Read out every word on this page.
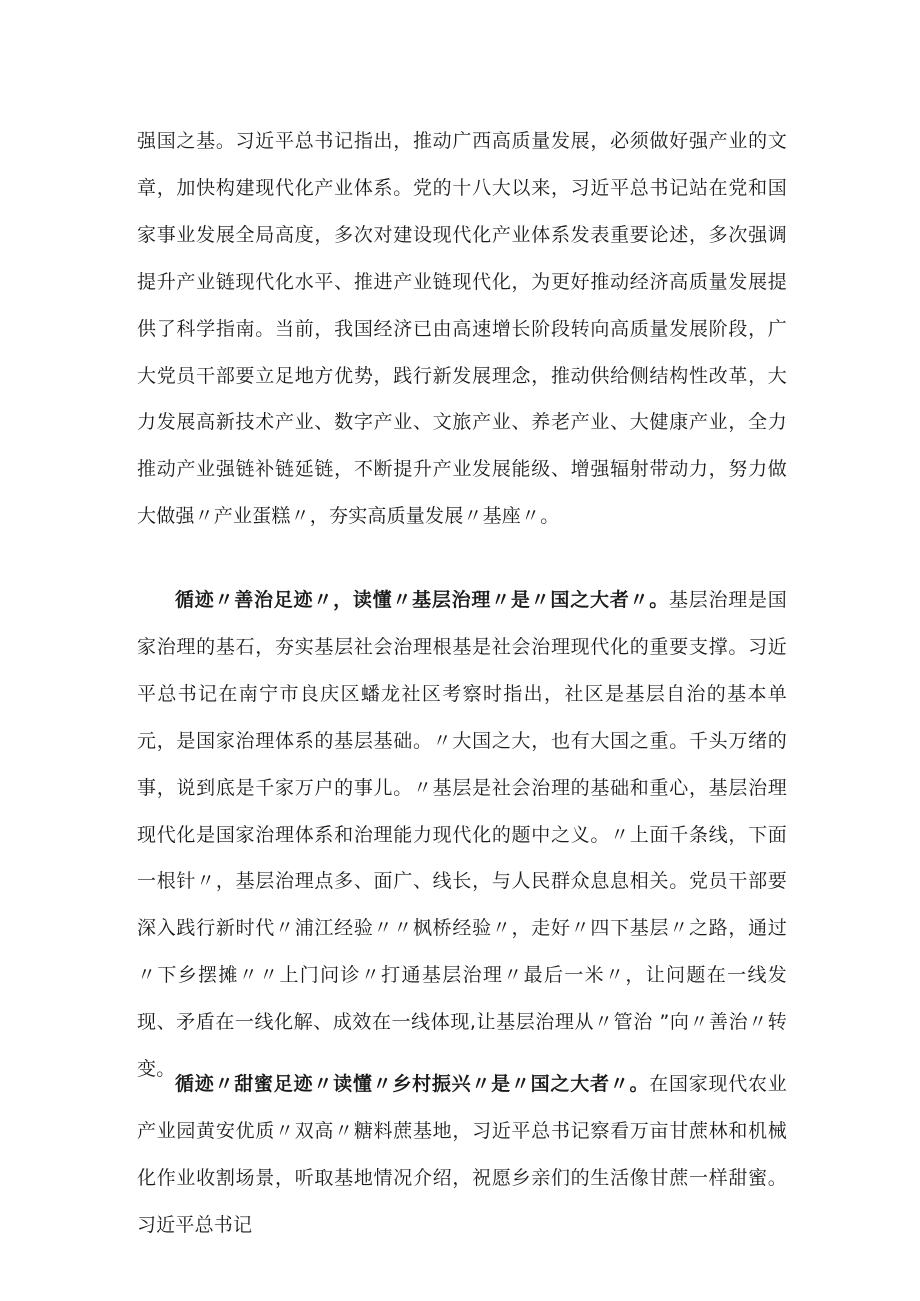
强国之基。习近平总书记指出，推动广西高质量发展，必须做好强产业的文章，加快构建现代化产业体系。党的十八大以来，习近平总书记站在党和国家事业发展全局高度，多次对建设现代化产业体系发表重要论述，多次强调提升产业链现代化水平、推进产业链现代化，为更好推动经济高质量发展提供了科学指南。当前，我国经济已由高速增长阶段转向高质量发展阶段，广大党员干部要立足地方优势，践行新发展理念，推动供给侧结构性改革，大力发展高新技术产业、数字产业、文旅产业、养老产业、大健康产业，全力推动产业强链补链延链，不断提升产业发展能级、增强辐射带动力，努力做大做强〃产业蛋糕〃，夯实高质量发展〃基座〃。

循迹〃善治足迹〃，读懂〃基层治理〃是〃国之大者〃。基层治理是国家治理的基石，夯实基层社会治理根基是社会治理现代化的重要支撑。习近平总书记在南宁市良庆区蟠龙社区考察时指出，社区是基层自治的基本单元，是国家治理体系的基层基础。〃大国之大，也有大国之重。千头万绪的事，说到底是千家万户的事儿。〃基层是社会治理的基础和重心，基层治理现代化是国家治理体系和治理能力现代化的题中之义。〃上面千条线，下面一根针〃，基层治理点多、面广、线长，与人民群众息息相关。党员干部要深入践行新时代〃浦江经验〃〃枫桥经验〃，走好〃四下基层〃之路，通过〃下乡摆摊〃〃上门问诊〃打通基层治理〃最后一米〃，让问题在一线发现、矛盾在一线化解、成效在一线体现,让基层治理从〃管治 ”向〃善治〃转变。

循迹〃甜蜜足迹〃读懂〃乡村振兴〃是〃国之大者〃。在国家现代农业产业园黄安优质〃双高〃糖料蔗基地，习近平总书记察看万亩甘蔗林和机械化作业收割场景，听取基地情况介绍，祝愿乡亲们的生活像甘蔗一样甜蜜。习近平总书记
